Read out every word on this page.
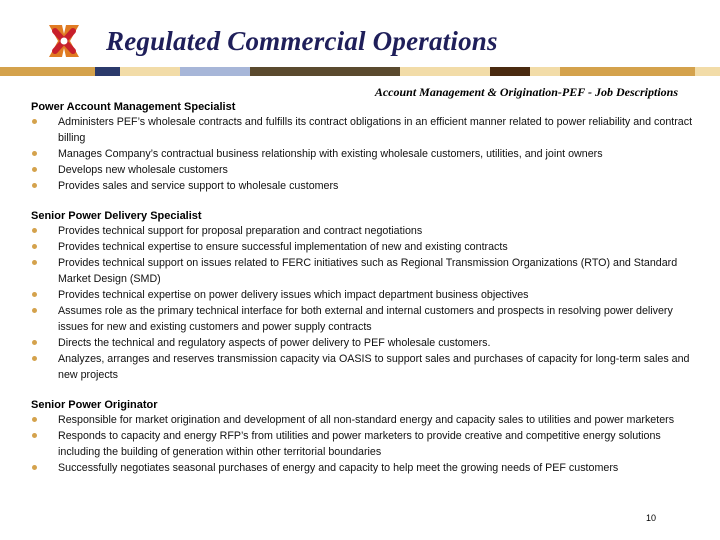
Regulated Commercial Operations
Account Management & Origination-PEF - Job Descriptions
Power Account Management Specialist
Administers PEF’s wholesale contracts and fulfills its contract obligations in an efficient manner related to power reliability and contract billing
Manages Company’s contractual business relationship with existing wholesale customers, utilities, and joint owners
Develops new wholesale customers
Provides sales and service support to wholesale customers
Senior Power Delivery Specialist
Provides technical support for proposal preparation and contract negotiations
Provides technical expertise to ensure successful implementation of new and existing contracts
Provides technical support on issues related to FERC initiatives such as Regional Transmission Organizations (RTO) and Standard Market Design (SMD)
Provides technical expertise on power delivery issues which impact department business objectives
Assumes role as the primary technical interface for both external and internal customers and prospects in resolving power delivery issues for new and existing customers and power supply contracts
Directs the technical and regulatory aspects of power delivery to PEF wholesale customers.
Analyzes, arranges and reserves transmission capacity via OASIS to support sales and purchases of capacity for long-term sales and new projects
Senior Power Originator
Responsible for market origination and development of all non-standard energy and capacity sales to utilities and power marketers
Responds to capacity and energy RFP’s from utilities and power marketers to provide creative and competitive energy solutions including the building of generation within other territorial boundaries
Successfully negotiates seasonal purchases of energy and capacity to help meet the growing needs of PEF customers
10
